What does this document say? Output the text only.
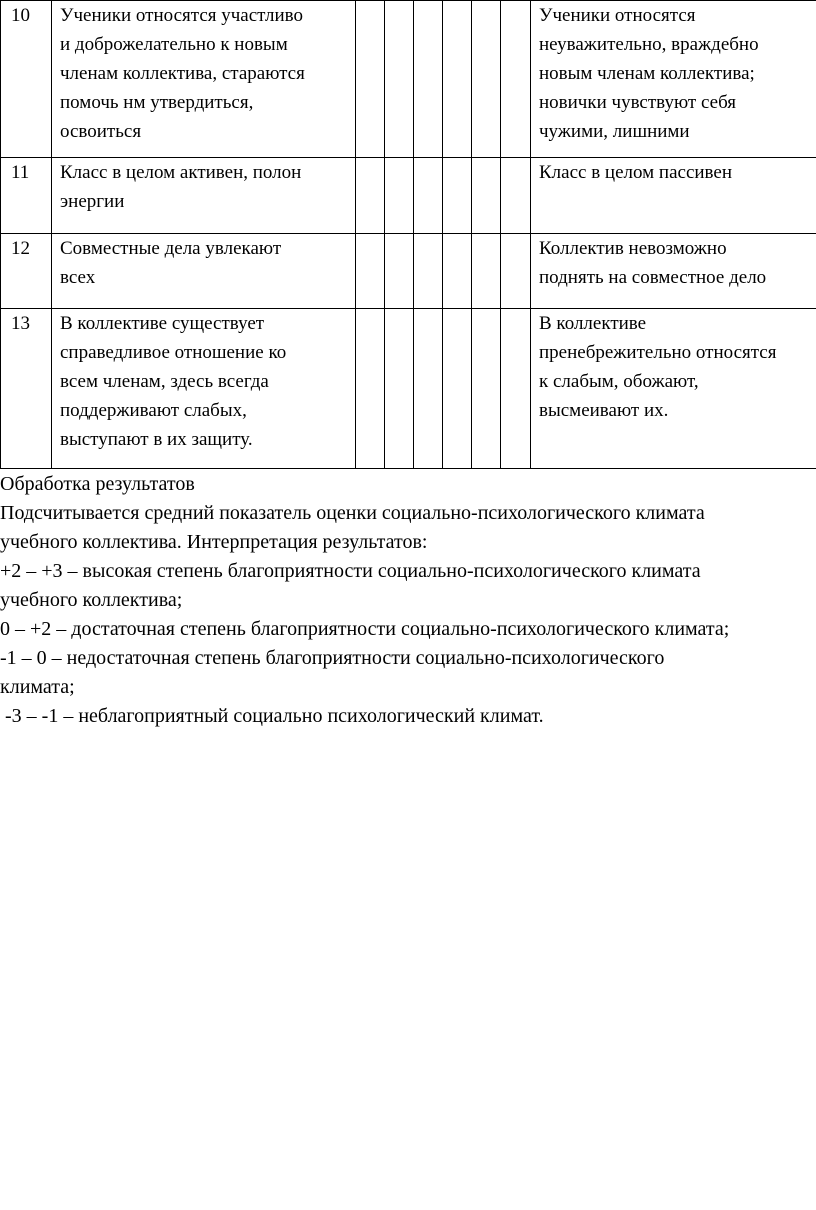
10	Ученики относятся участливо
и доброжелательно к новым
членам коллектива, стараются
помочь нм утвердиться,
освоиться							Ученики относятся
неуважительно, враждебно
новым членам коллектива;
новички чувствуют себя
чужими, лишними

11	Класс в целом активен, полон
энергии							Класс в целом пассивен

12	Совместные дела увлекают
всех							Коллектив невозможно
поднять на совместное дело

13	В коллективе существует
справедливое отношение ко
всем членам, здесь всегда
поддерживают слабых,
выступают в их защиту.							В коллективе
пренебрежительно относятся
к слабым, обожают,
высмеивают их.

Обработка результатов

Подсчитывается средний показатель оценки социально-психологического климата

учебного коллектива. Интерпретация результатов:

+2 – +3 – высокая степень благоприятности социально-психологического климата

учебного коллектива;

0 – +2 – достаточная степень благоприятности социально-психологического климата;

-1 – 0 – недостаточная степень благоприятности социально-психологического

климата;

-3 – -1 – неблагоприятный социально психологический климат.
